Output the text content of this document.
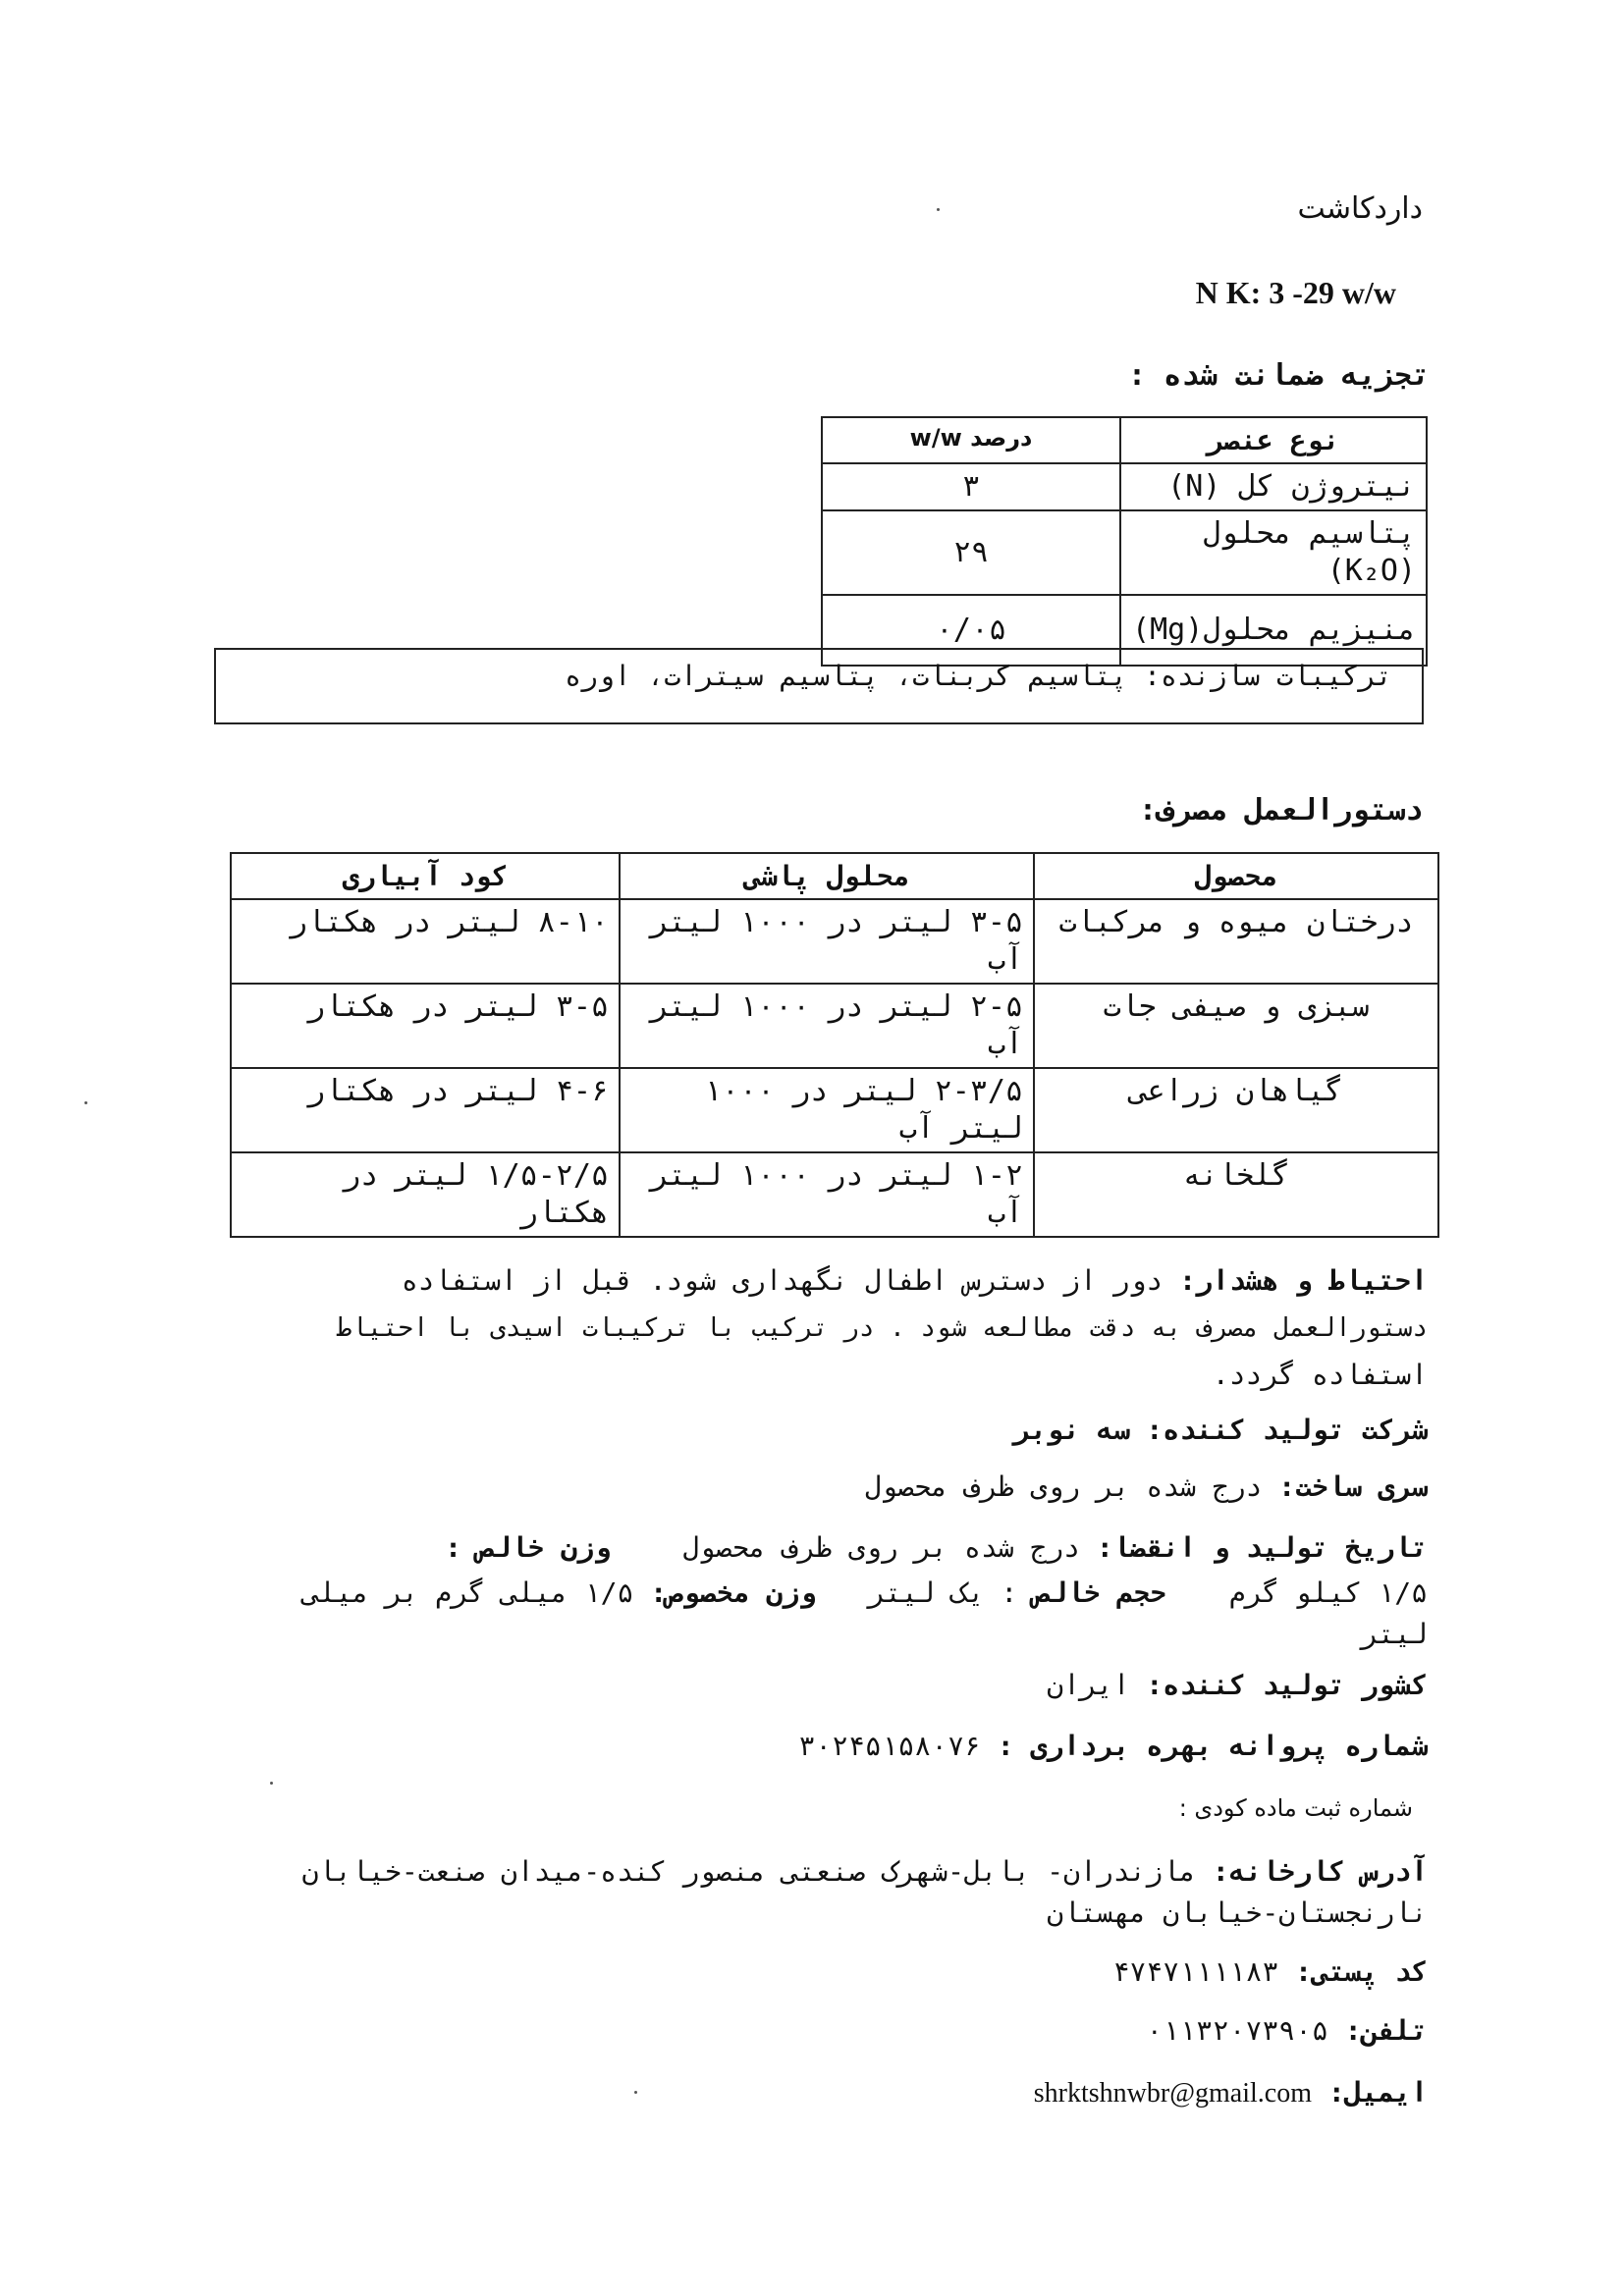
داردکاشت
N K: 3 -29 w/w
تجزیه ضمانت شده :
نوع عنصر	درصد w/w
نیتروژن کل (N)	۳
پتاسیم محلول (K₂O)	۲۹
منیزیم محلول(Mg)	۰/۰۵
ترکیبات سازنده: پتاسیم کربنات، پتاسیم سیترات، اوره
دستورالعمل مصرف:
محصول	محلول پاشی	کود آبیاری
درختان میوه و مرکبات	۳-۵ لیتر در ۱۰۰۰ لیتر آب	۸-۱۰ لیتر در هکتار
سبزی و صیفی جات	۲-۵ لیتر در ۱۰۰۰ لیتر آب	۳-۵ لیتر در هکتار
گیاهان زراعی	۲-۳/۵ لیتر در ۱۰۰۰ لیتر آب	۴-۶ لیتر در هکتار
گلخانه	۱-۲ لیتر در ۱۰۰۰ لیتر آب	۱/۵-۲/۵ لیتر در هکتار
احتیاط و هشدار: دور از دسترس اطفال نگهداری شود. قبل از استفاده
دستورالعمل مصرف به دقت مطالعه شود . در ترکیب با ترکیبات اسیدی با احتیاط
استفاده گردد.
شرکت تولید کننده: سه نوبر
سری ساخت: درج شده بر روی ظرف محصول
تاریخ تولید و انقضا: درج شده بر روی ظرف محصول  وزن خالص :
۱/۵ کیلو گرم  حجم خالص : یک لیتر  وزن مخصوص: ۱/۵ میلی گرم بر میلی
لیتر
کشور تولید کننده: ایران
شماره پروانه بهره برداری : ۳۰۲۴۵۱۵۸۰۷۶
شماره ثبت ماده کودی :
آدرس کارخانه: مازندران- بابل-شهرک صنعتی منصور کنده-میدان صنعت-خیابان
نارنجستان-خیابان مهستان
کد پستی: ۴۷۴۷۱۱۱۱۸۳
تلفن: ۰۱۱۳۲۰۷۳۹۰۵
ایمیل: shrktshnwbr@gmail.com
